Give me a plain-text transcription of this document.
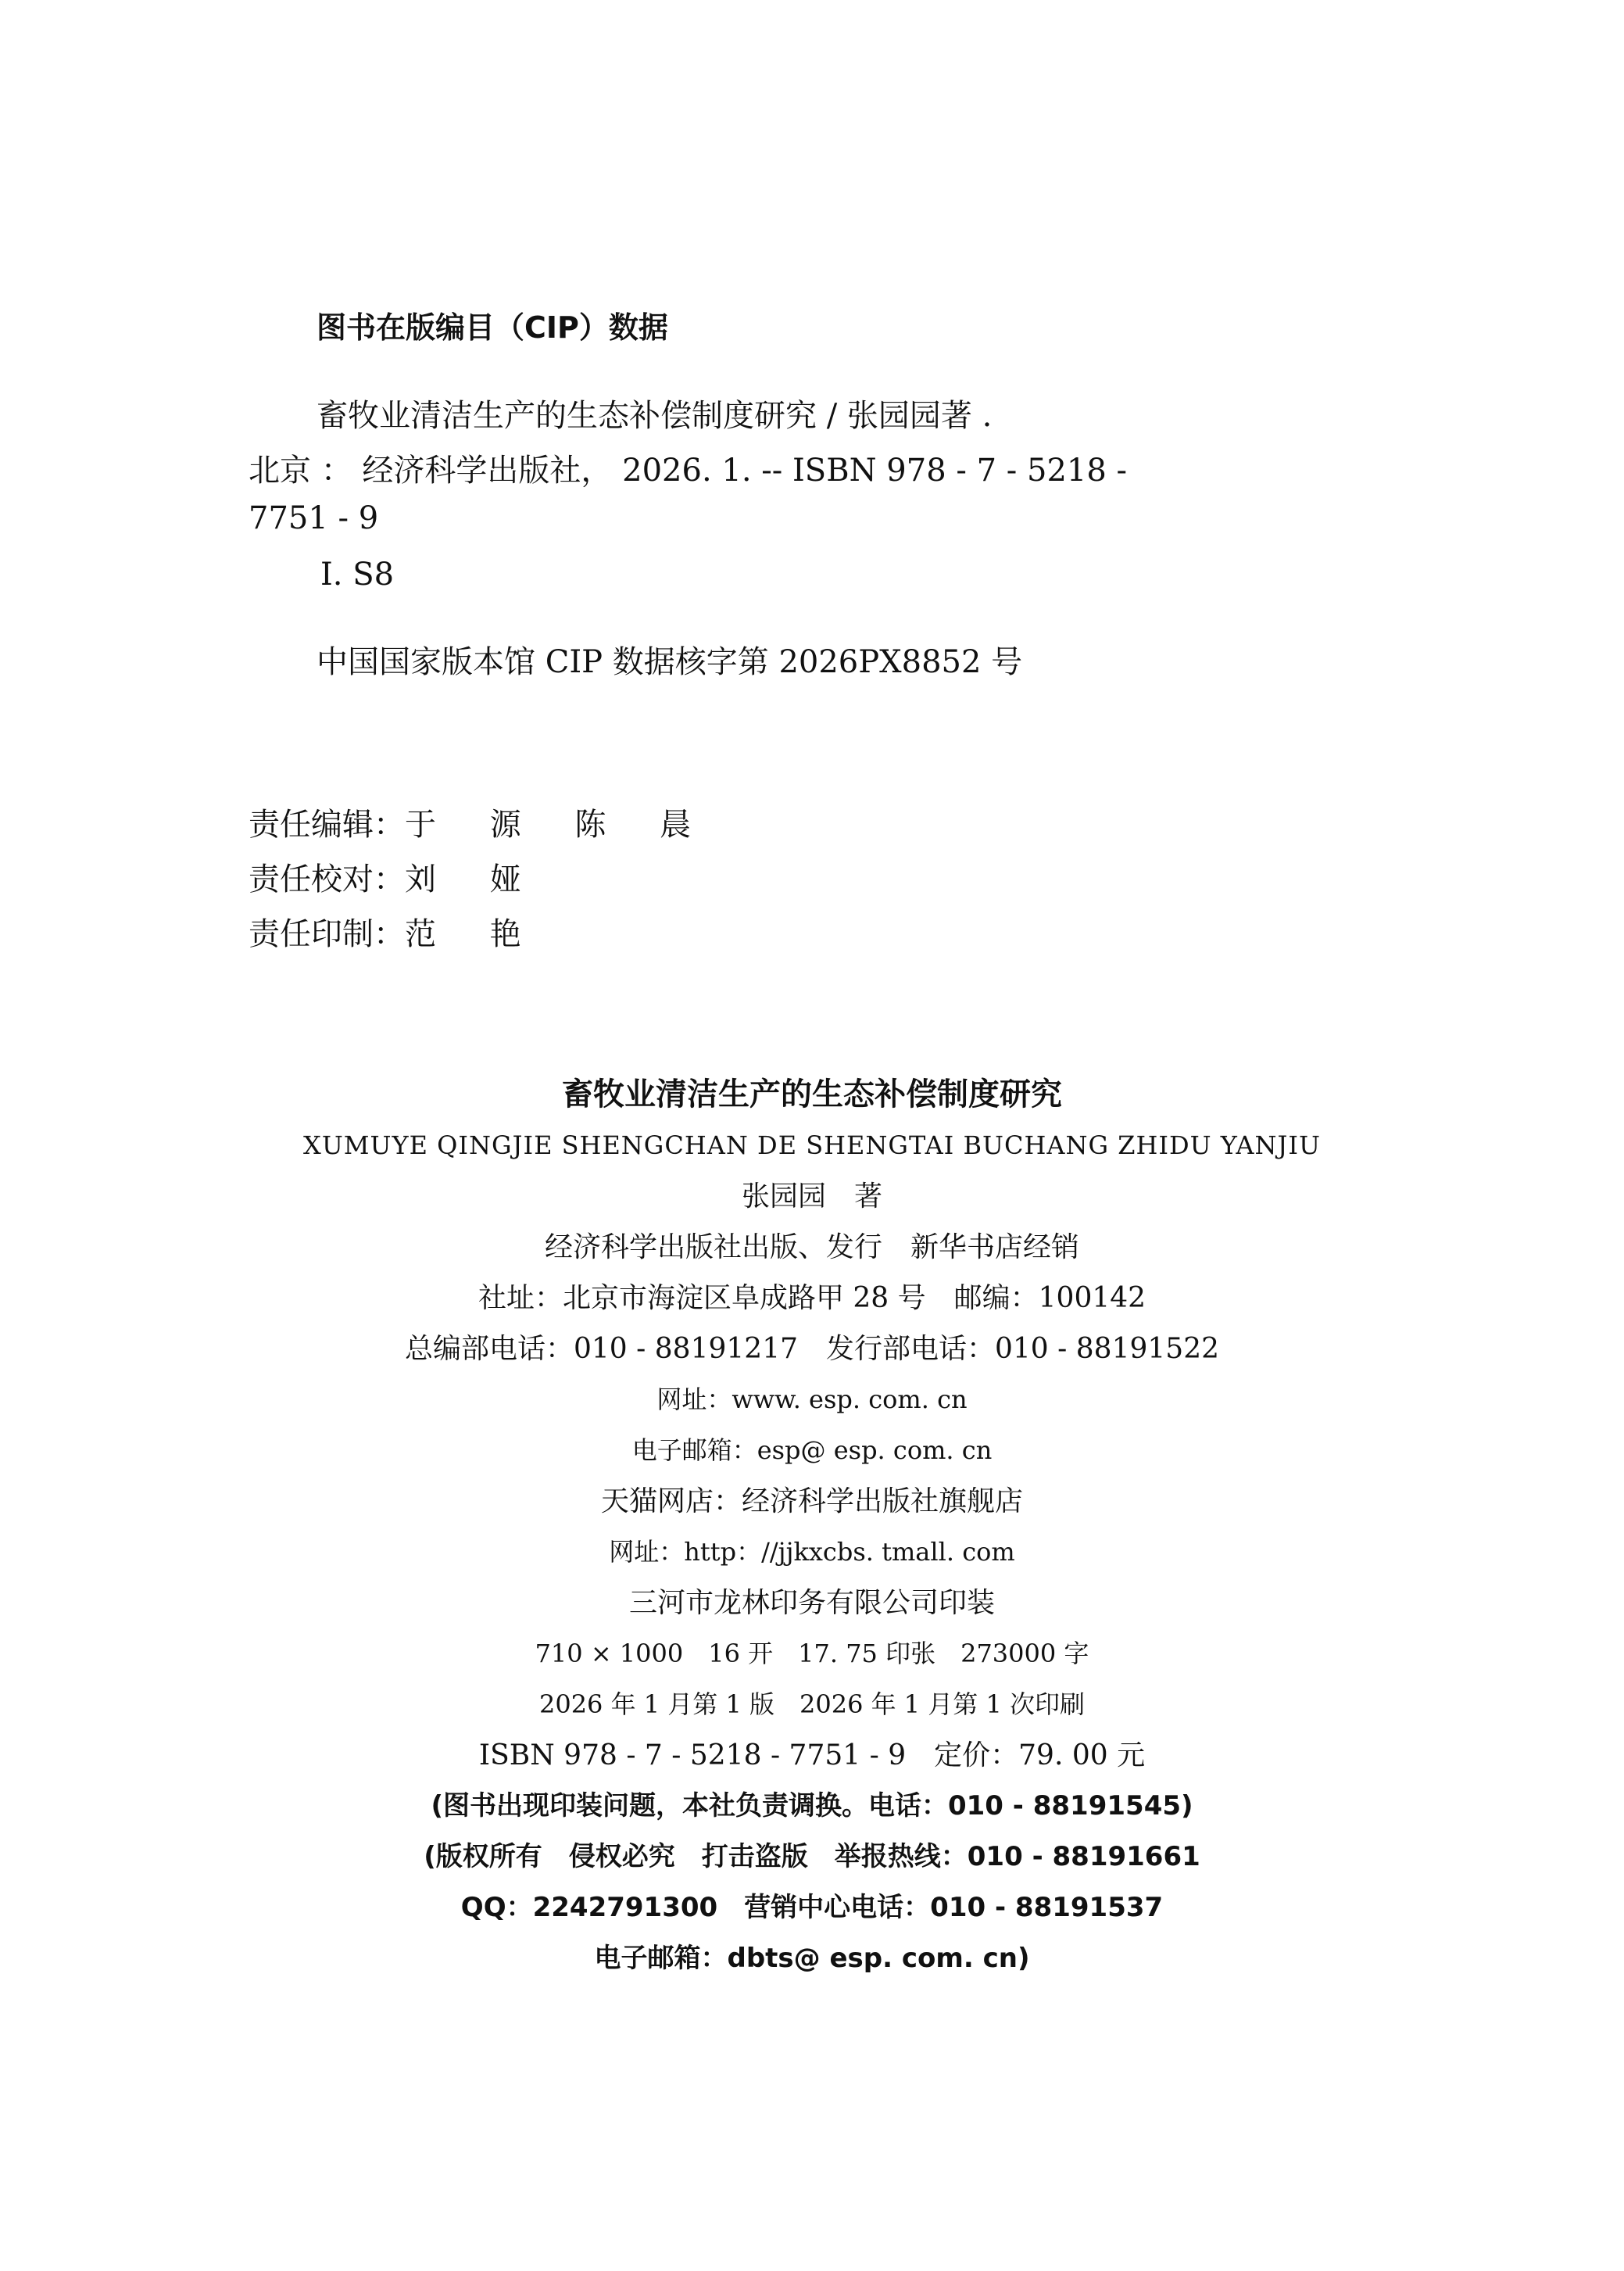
图书在版编目（CIP）数据
畜牧业清洁生产的生态补偿制度研究 / 张园园著 .
北京 ： 经济科学出版社， 2026. 1. -- ISBN 978 - 7 - 5218 -
7751 - 9
Ⅰ. S8
中国国家版本馆 CIP 数据核字第 2026PX8852 号
责任编辑：于 源 陈 晨
责任校对：刘 娅
责任印制：范 艳
畜牧业清洁生产的生态补偿制度研究
XUMUYE QINGJIE SHENGCHAN DE SHENGTAI BUCHANG ZHIDU YANJIU
张园园　著
经济科学出版社出版、发行　新华书店经销
社址：北京市海淀区阜成路甲 28 号　邮编：100142
总编部电话：010 - 88191217　发行部电话：010 - 88191522
网址：www. esp. com. cn
电子邮箱：esp@ esp. com. cn
天猫网店：经济科学出版社旗舰店
网址：http：//jjkxcbs. tmall. com
三河市龙林印务有限公司印装
710 × 1000　16 开　17. 75 印张　273000 字
2026 年 1 月第 1 版　2026 年 1 月第 1 次印刷
ISBN 978 - 7 - 5218 - 7751 - 9　定价：79. 00 元
(图书出现印装问题，本社负责调换。电话：010 - 88191545)
(版权所有　侵权必究　打击盗版　举报热线：010 - 88191661
QQ：2242791300　营销中心电话：010 - 88191537
电子邮箱：dbts@ esp. com. cn)
